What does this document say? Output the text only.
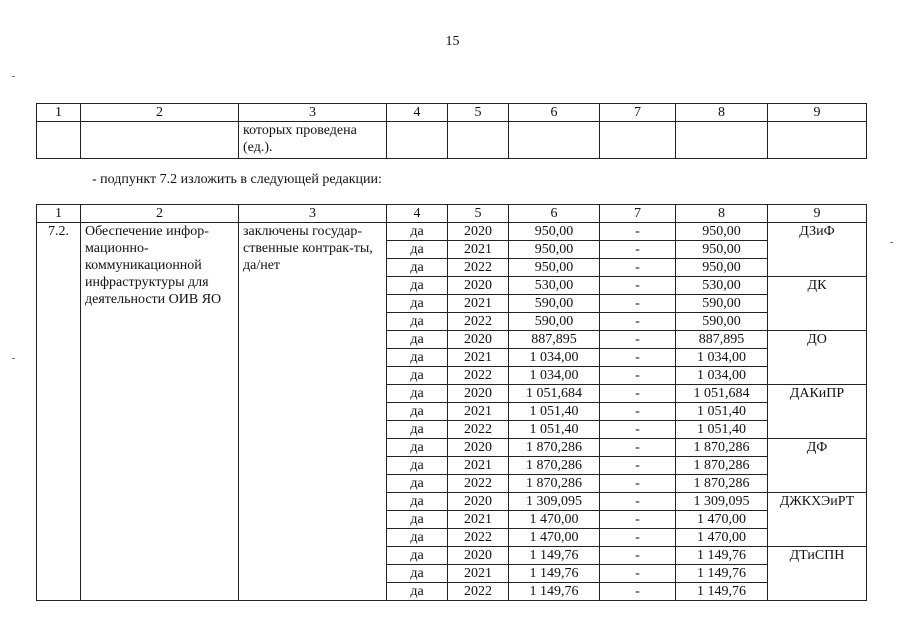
15
1	2	3	4	5	6	7	8	9
		которых проведена (ед.).						
- подпункт 7.2 изложить в следующей редакции:
1	2	3	4	5	6	7	8	9
7.2.	Обеспечение инфор-мационно-коммуникационной инфраструктуры для деятельности ОИВ ЯО	заключены государ-ственные контрак-ты, да/нет	да	2020	950,00	-	950,00	ДЗиФ
			да	2021	950,00	-	950,00	
			да	2022	950,00	-	950,00	
			да	2020	530,00	-	530,00	ДК
			да	2021	590,00	-	590,00	
			да	2022	590,00	-	590,00	
			да	2020	887,895	-	887,895	ДО
			да	2021	1 034,00	-	1 034,00	
			да	2022	1 034,00	-	1 034,00	
			да	2020	1 051,684	-	1 051,684	ДАКиПР
			да	2021	1 051,40	-	1 051,40	
			да	2022	1 051,40	-	1 051,40	
			да	2020	1 870,286	-	1 870,286	ДФ
			да	2021	1 870,286	-	1 870,286	
			да	2022	1 870,286	-	1 870,286	
			да	2020	1 309,095	-	1 309,095	ДЖКХЭиРТ
			да	2021	1 470,00	-	1 470,00	
			да	2022	1 470,00	-	1 470,00	
			да	2020	1 149,76	-	1 149,76	ДТиСПН
			да	2021	1 149,76	-	1 149,76	
			да	2022	1 149,76	-	1 149,76	
